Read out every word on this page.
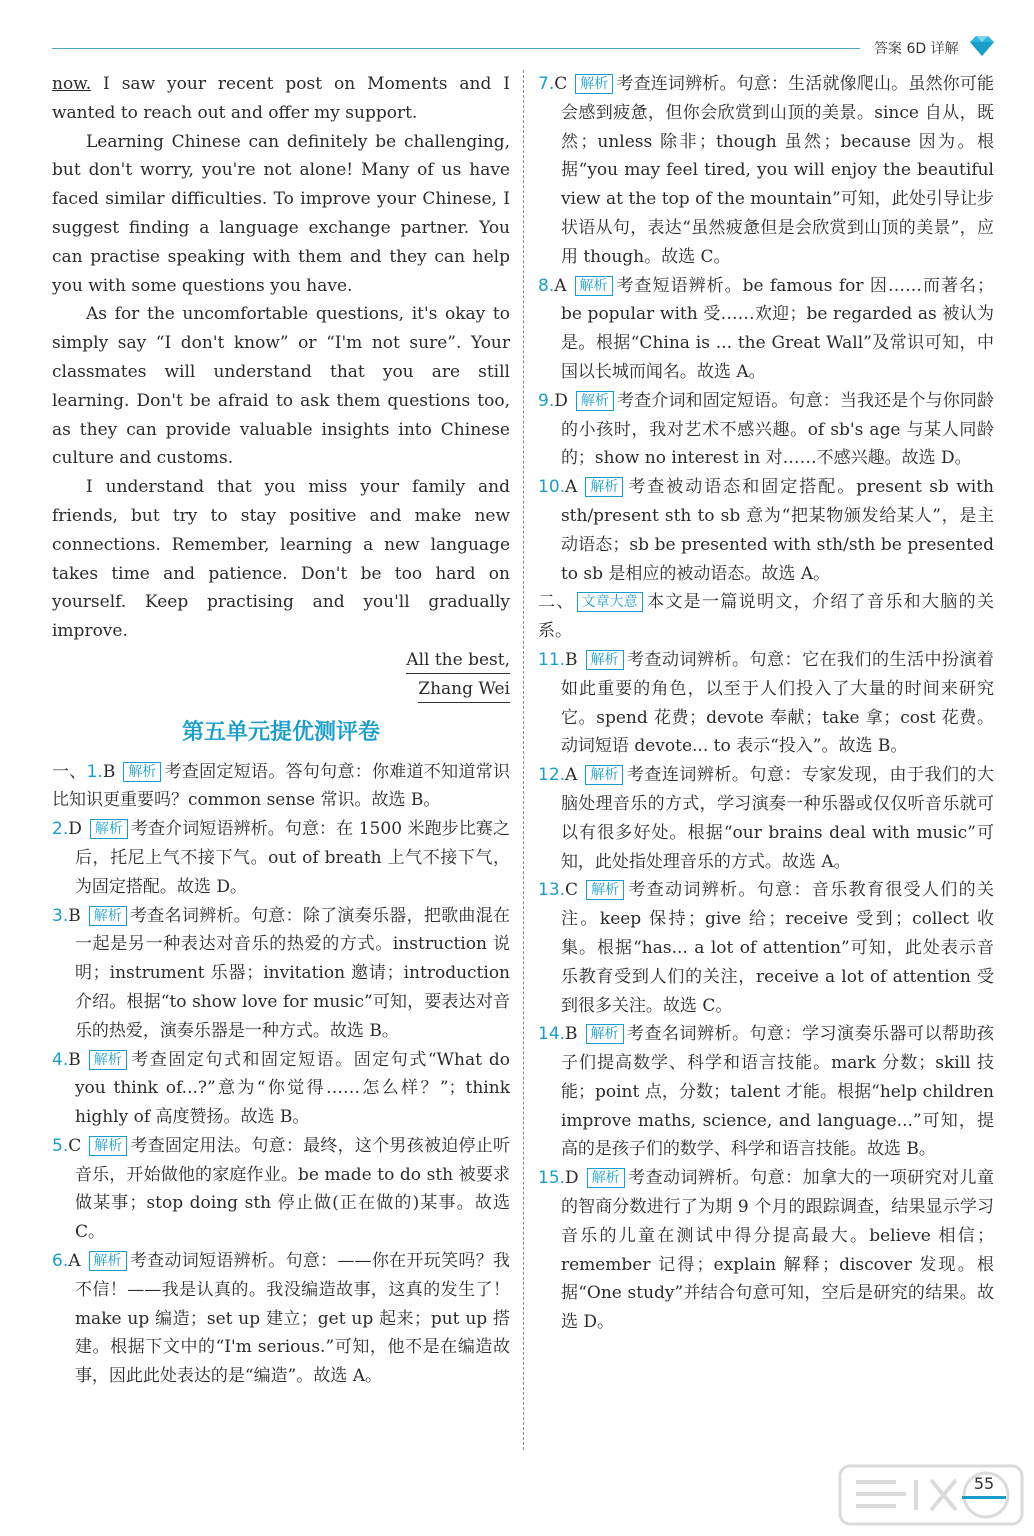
答案 6D 详解

now. I saw your recent post on Moments and I wanted to reach out and offer my support.

Learning Chinese can definitely be challenging, but don't worry, you're not alone! Many of us have faced similar difficulties. To improve your Chinese, I suggest finding a language exchange partner. You can practise speaking with them and they can help you with some questions you have.

As for the uncomfortable questions, it's okay to simply say “I don't know” or “I'm not sure”. Your classmates will understand that you are still learning. Don't be afraid to ask them questions too, as they can provide valuable insights into Chinese culture and customs.

I understand that you miss your family and friends, but try to stay positive and make new connections. Remember, learning a new language takes time and patience. Don't be too hard on yourself. Keep practising and you'll gradually improve.

All the best,
Zhang Wei
第五单元提优测评卷

一、1.B 解析 考查固定短语。答句句意：你难道不知道常识比知识更重要吗？common sense 常识。故选 B。

2.D 解析 考查介词短语辨析。句意：在 1500 米跑步比赛之后，托尼上气不接下气。out of breath 上气不接下气，为固定搭配。故选 D。

3.B 解析 考查名词辨析。句意：除了演奏乐器，把歌曲混在一起是另一种表达对音乐的热爱的方式。instruction 说明；instrument 乐器；invitation 邀请；introduction 介绍。根据“to show love for music”可知，要表达对音乐的热爱，演奏乐器是一种方式。故选 B。

4.B 解析 考查固定句式和固定短语。固定句式“What do you think of...?”意为“你觉得……怎么样？”；think highly of 高度赞扬。故选 B。

5.C 解析 考查固定用法。句意：最终，这个男孩被迫停止听音乐，开始做他的家庭作业。be made to do sth 被要求做某事；stop doing sth 停止做(正在做的)某事。故选 C。

6.A 解析 考查动词短语辨析。句意：——你在开玩笑吗？我不信！——我是认真的。我没编造故事，这真的发生了！make up 编造；set up 建立；get up 起来；put up 搭建。根据下文中的“I'm serious.”可知，他不是在编造故事，因此此处表达的是“编造”。故选 A。

7.C 解析 考查连词辨析。句意：生活就像爬山。虽然你可能会感到疲惫，但你会欣赏到山顶的美景。since 自从，既然；unless 除非；though 虽然；because 因为。根据“you may feel tired, you will enjoy the beautiful view at the top of the mountain”可知，此处引导让步状语从句，表达“虽然疲惫但是会欣赏到山顶的美景”，应用 though。故选 C。

8.A 解析 考查短语辨析。be famous for 因……而著名；be popular with 受……欢迎；be regarded as 被认为是。根据“China is ... the Great Wall”及常识可知，中国以长城而闻名。故选 A。

9.D 解析 考查介词和固定短语。句意：当我还是个与你同龄的小孩时，我对艺术不感兴趣。of sb's age 与某人同龄的；show no interest in 对……不感兴趣。故选 D。

10.A 解析 考查被动语态和固定搭配。present sb with sth/present sth to sb 意为“把某物颁发给某人”，是主动语态；sb be presented with sth/sth be presented to sb 是相应的被动语态。故选 A。

二、 文章大意 本文是一篇说明文，介绍了音乐和大脑的关系。

11.B 解析 考查动词辨析。句意：它在我们的生活中扮演着如此重要的角色，以至于人们投入了大量的时间来研究它。spend 花费；devote 奉献；take 拿；cost 花费。动词短语 devote... to 表示“投入”。故选 B。

12.A 解析 考查连词辨析。句意：专家发现，由于我们的大脑处理音乐的方式，学习演奏一种乐器或仅仅听音乐就可以有很多好处。根据“our brains deal with music”可知，此处指处理音乐的方式。故选 A。

13.C 解析 考查动词辨析。句意：音乐教育很受人们的关注。keep 保持；give 给；receive 受到；collect 收集。根据“has... a lot of attention”可知，此处表示音乐教育受到人们的关注，receive a lot of attention 受到很多关注。故选 C。

14.B 解析 考查名词辨析。句意：学习演奏乐器可以帮助孩子们提高数学、科学和语言技能。mark 分数；skill 技能；point 点，分数；talent 才能。根据“help children improve maths, science, and language...”可知，提高的是孩子们的数学、科学和语言技能。故选 B。

15.D 解析 考查动词辨析。句意：加拿大的一项研究对儿童的智商分数进行了为期 9 个月的跟踪调查，结果显示学习音乐的儿童在测试中得分提高最大。believe 相信；remember 记得；explain 解释；discover 发现。根据“One study”并结合句意可知，空后是研究的结果。故选 D。

55
